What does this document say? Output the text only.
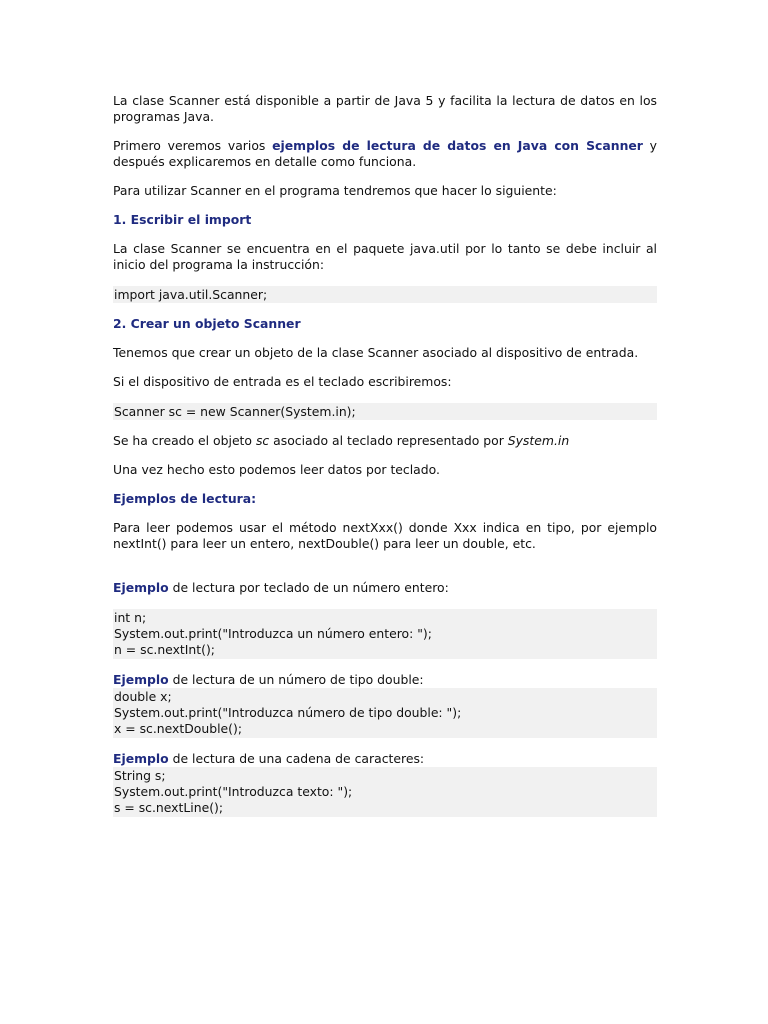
La clase Scanner está disponible a partir de Java 5 y facilita la lectura de datos en los programas Java.

Primero veremos varios ejemplos de lectura de datos en Java con Scanner y después explicaremos en detalle como funciona.

Para utilizar Scanner en el programa tendremos que hacer lo siguiente:

1. Escribir el import

La clase Scanner se encuentra en el paquete java.util por lo tanto se debe incluir al inicio del programa la instrucción:

import java.util.Scanner;
2. Crear un objeto Scanner

Tenemos que crear un objeto de la clase Scanner asociado al dispositivo de entrada.

Si el dispositivo de entrada es el teclado escribiremos:

Scanner sc = new Scanner(System.in);

Se ha creado el objeto sc asociado al teclado representado por System.in

Una vez hecho esto podemos leer datos por teclado.

Ejemplos de lectura:

Para leer podemos usar el método nextXxx() donde Xxx indica en tipo, por ejemplo nextInt() para leer un entero, nextDouble() para leer un double, etc.

Ejemplo de lectura por teclado de un número entero:

int n;
System.out.print("Introduzca un número entero: ");
n = sc.nextInt();

Ejemplo de lectura de un número de tipo double:

double x;
System.out.print("Introduzca número de tipo double: ");
x = sc.nextDouble();

Ejemplo de lectura de una cadena de caracteres:

String s;
System.out.print("Introduzca texto: ");
s = sc.nextLine();
